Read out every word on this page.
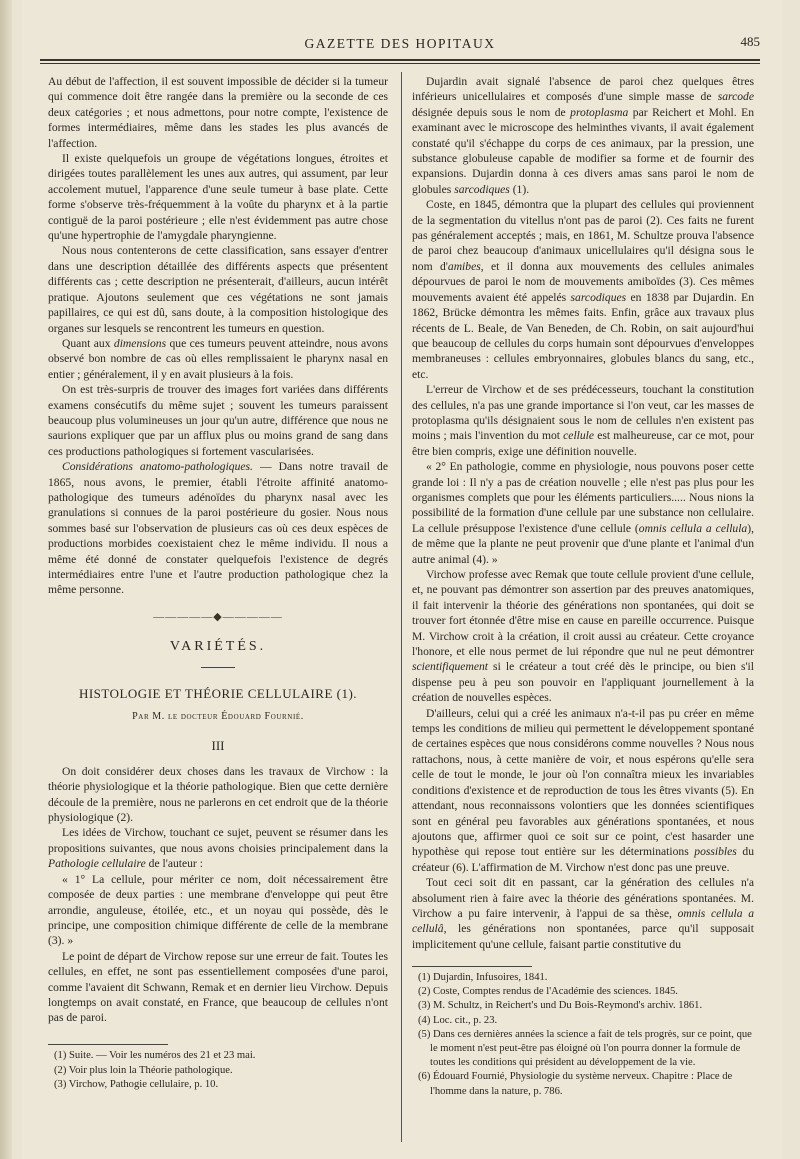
GAZETTE DES HOPITAUX	485

Au début de l'affection, il est souvent impossible de décider si la tumeur qui commence doit être rangée dans la première ou la seconde de ces deux catégories ; et nous admettons, pour notre compte, l'existence de formes intermédiaires, même dans les stades les plus avancés de l'affection.

Il existe quelquefois un groupe de végétations longues, étroites et dirigées toutes parallèlement les unes aux autres, qui assument, par leur accolement mutuel, l'apparence d'une seule tumeur à base plate. Cette forme s'observe très-fréquemment à la voûte du pharynx et à la partie contiguë de la paroi postérieure ; elle n'est évidemment pas autre chose qu'une hypertrophie de l'amygdale pharyngienne.

Nous nous contenterons de cette classification, sans essayer d'entrer dans une description détaillée des différents aspects que présentent différents cas ; cette description ne présenterait, d'ailleurs, aucun intérêt pratique. Ajoutons seulement que ces végétations ne sont jamais papillaires, ce qui est dû, sans doute, à la composition histologique des organes sur lesquels se rencontrent les tumeurs en question.

Quant aux dimensions que ces tumeurs peuvent atteindre, nous avons observé bon nombre de cas où elles remplissaient le pharynx nasal en entier ; généralement, il y en avait plusieurs à la fois.

On est très-surpris de trouver des images fort variées dans différents examens consécutifs du même sujet ; souvent les tumeurs paraissent beaucoup plus volumineuses un jour qu'un autre, différence que nous ne saurions expliquer que par un afflux plus ou moins grand de sang dans ces productions pathologiques si fortement vascularisées.

Considérations anatomo-pathologiques. — Dans notre travail de 1865, nous avons, le premier, établi l'étroite affinité anatomo-pathologique des tumeurs adénoïdes du pharynx nasal avec les granulations si connues de la paroi postérieure du gosier. Nous nous sommes basé sur l'observation de plusieurs cas où ces deux espèces de productions morbides coexistaient chez le même individu. Il nous a même été donné de constater quelquefois l'existence de degrés intermédiaires entre l'une et l'autre production pathologique chez la même personne.

—————◆—————
VARIÉTÉS.
HISTOLOGIE ET THÉORIE CELLULAIRE (1).
Par M. le docteur Édouard Fournié.
III

On doit considérer deux choses dans les travaux de Virchow : la théorie physiologique et la théorie pathologique. Bien que cette dernière découle de la première, nous ne parlerons en cet endroit que de la théorie physiologique (2).

Les idées de Virchow, touchant ce sujet, peuvent se résumer dans les propositions suivantes, que nous avons choisies principalement dans la Pathologie cellulaire de l'auteur :

« 1° La cellule, pour mériter ce nom, doit nécessairement être composée de deux parties : une membrane d'enveloppe qui peut être arrondie, anguleuse, étoilée, etc., et un noyau qui possède, dès le principe, une composition chimique différente de celle de la membrane (3). »

Le point de départ de Virchow repose sur une erreur de fait. Toutes les cellules, en effet, ne sont pas essentiellement composées d'une paroi, comme l'avaient dit Schwann, Remak et en dernier lieu Virchow. Depuis longtemps on avait constaté, en France, que beaucoup de cellules n'ont pas de paroi.

(1) Suite. — Voir les numéros des 21 et 23 mai.

(2) Voir plus loin la Théorie pathologique.

(3) Virchow, Pathogie cellulaire, p. 10.

Dujardin avait signalé l'absence de paroi chez quelques êtres inférieurs unicellulaires et composés d'une simple masse de sarcode désignée depuis sous le nom de protoplasma par Reichert et Mohl. En examinant avec le microscope des helminthes vivants, il avait également constaté qu'il s'échappe du corps de ces animaux, par la pression, une substance globuleuse capable de modifier sa forme et de fournir des expansions. Dujardin donna à ces divers amas sans paroi le nom de globules sarcodiques (1).

Coste, en 1845, démontra que la plupart des cellules qui proviennent de la segmentation du vitellus n'ont pas de paroi (2). Ces faits ne furent pas généralement acceptés ; mais, en 1861, M. Schultze prouva l'absence de paroi chez beaucoup d'animaux unicellulaires qu'il désigna sous le nom d'amibes, et il donna aux mouvements des cellules animales dépourvues de paroi le nom de mouvements amiboïdes (3). Ces mêmes mouvements avaient été appelés sarcodiques en 1838 par Dujardin. En 1862, Brücke démontra les mêmes faits. Enfin, grâce aux travaux plus récents de L. Beale, de Van Beneden, de Ch. Robin, on sait aujourd'hui que beaucoup de cellules du corps humain sont dépourvues d'enveloppes membraneuses : cellules embryonnaires, globules blancs du sang, etc., etc.

L'erreur de Virchow et de ses prédécesseurs, touchant la constitution des cellules, n'a pas une grande importance si l'on veut, car les masses de protoplasma qu'ils désignaient sous le nom de cellules n'en existent pas moins ; mais l'invention du mot cellule est malheureuse, car ce mot, pour être bien compris, exige une définition nouvelle.

« 2° En pathologie, comme en physiologie, nous pouvons poser cette grande loi : Il n'y a pas de création nouvelle ; elle n'est pas plus pour les organismes complets que pour les éléments particuliers..... Nous nions la possibilité de la formation d'une cellule par une substance non cellulaire. La cellule présuppose l'existence d'une cellule (omnis cellula a cellula), de même que la plante ne peut provenir que d'une plante et l'animal d'un autre animal (4). »

Virchow professe avec Remak que toute cellule provient d'une cellule, et, ne pouvant pas démontrer son assertion par des preuves anatomiques, il fait intervenir la théorie des générations non spontanées, qui doit se trouver fort étonnée d'être mise en cause en pareille occurrence. Puisque M. Virchow croit à la création, il croit aussi au créateur. Cette croyance l'honore, et elle nous permet de lui répondre que nul ne peut démontrer scientifiquement si le créateur a tout créé dès le principe, ou bien s'il dispense peu à peu son pouvoir en l'appliquant journellement à la création de nouvelles espèces.

D'ailleurs, celui qui a créé les animaux n'a-t-il pas pu créer en même temps les conditions de milieu qui permettent le développement spontané de certaines espèces que nous considérons comme nouvelles ? Nous nous rattachons, nous, à cette manière de voir, et nous espérons qu'elle sera celle de tout le monde, le jour où l'on connaîtra mieux les invariables conditions d'existence et de reproduction de tous les êtres vivants (5). En attendant, nous reconnaissons volontiers que les données scientifiques sont en général peu favorables aux générations spontanées, et nous ajoutons que, affirmer quoi ce soit sur ce point, c'est hasarder une hypothèse qui repose tout entière sur les déterminations possibles du créateur (6). L'affirmation de M. Virchow n'est donc pas une preuve.

Tout ceci soit dit en passant, car la génération des cellules n'a absolument rien à faire avec la théorie des générations spontanées. M. Virchow a pu faire intervenir, à l'appui de sa thèse, omnis cellula a cellulâ, les générations non spontanées, parce qu'il supposait implicitement qu'une cellule, faisant partie constitutive du

(1) Dujardin, Infusoires, 1841.

(2) Coste, Comptes rendus de l'Académie des sciences. 1845.

(3) M. Schultz, in Reichert's und Du Bois-Reymond's archiv. 1861.

(4) Loc. cit., p. 23.

(5) Dans ces dernières années la science a fait de tels progrès, sur ce point, que le moment n'est peut-être pas éloigné où l'on pourra donner la formule de toutes les conditions qui président au développement de la vie.

(6) Édouard Fournié, Physiologie du système nerveux. Chapitre : Place de l'homme dans la nature, p. 786.
